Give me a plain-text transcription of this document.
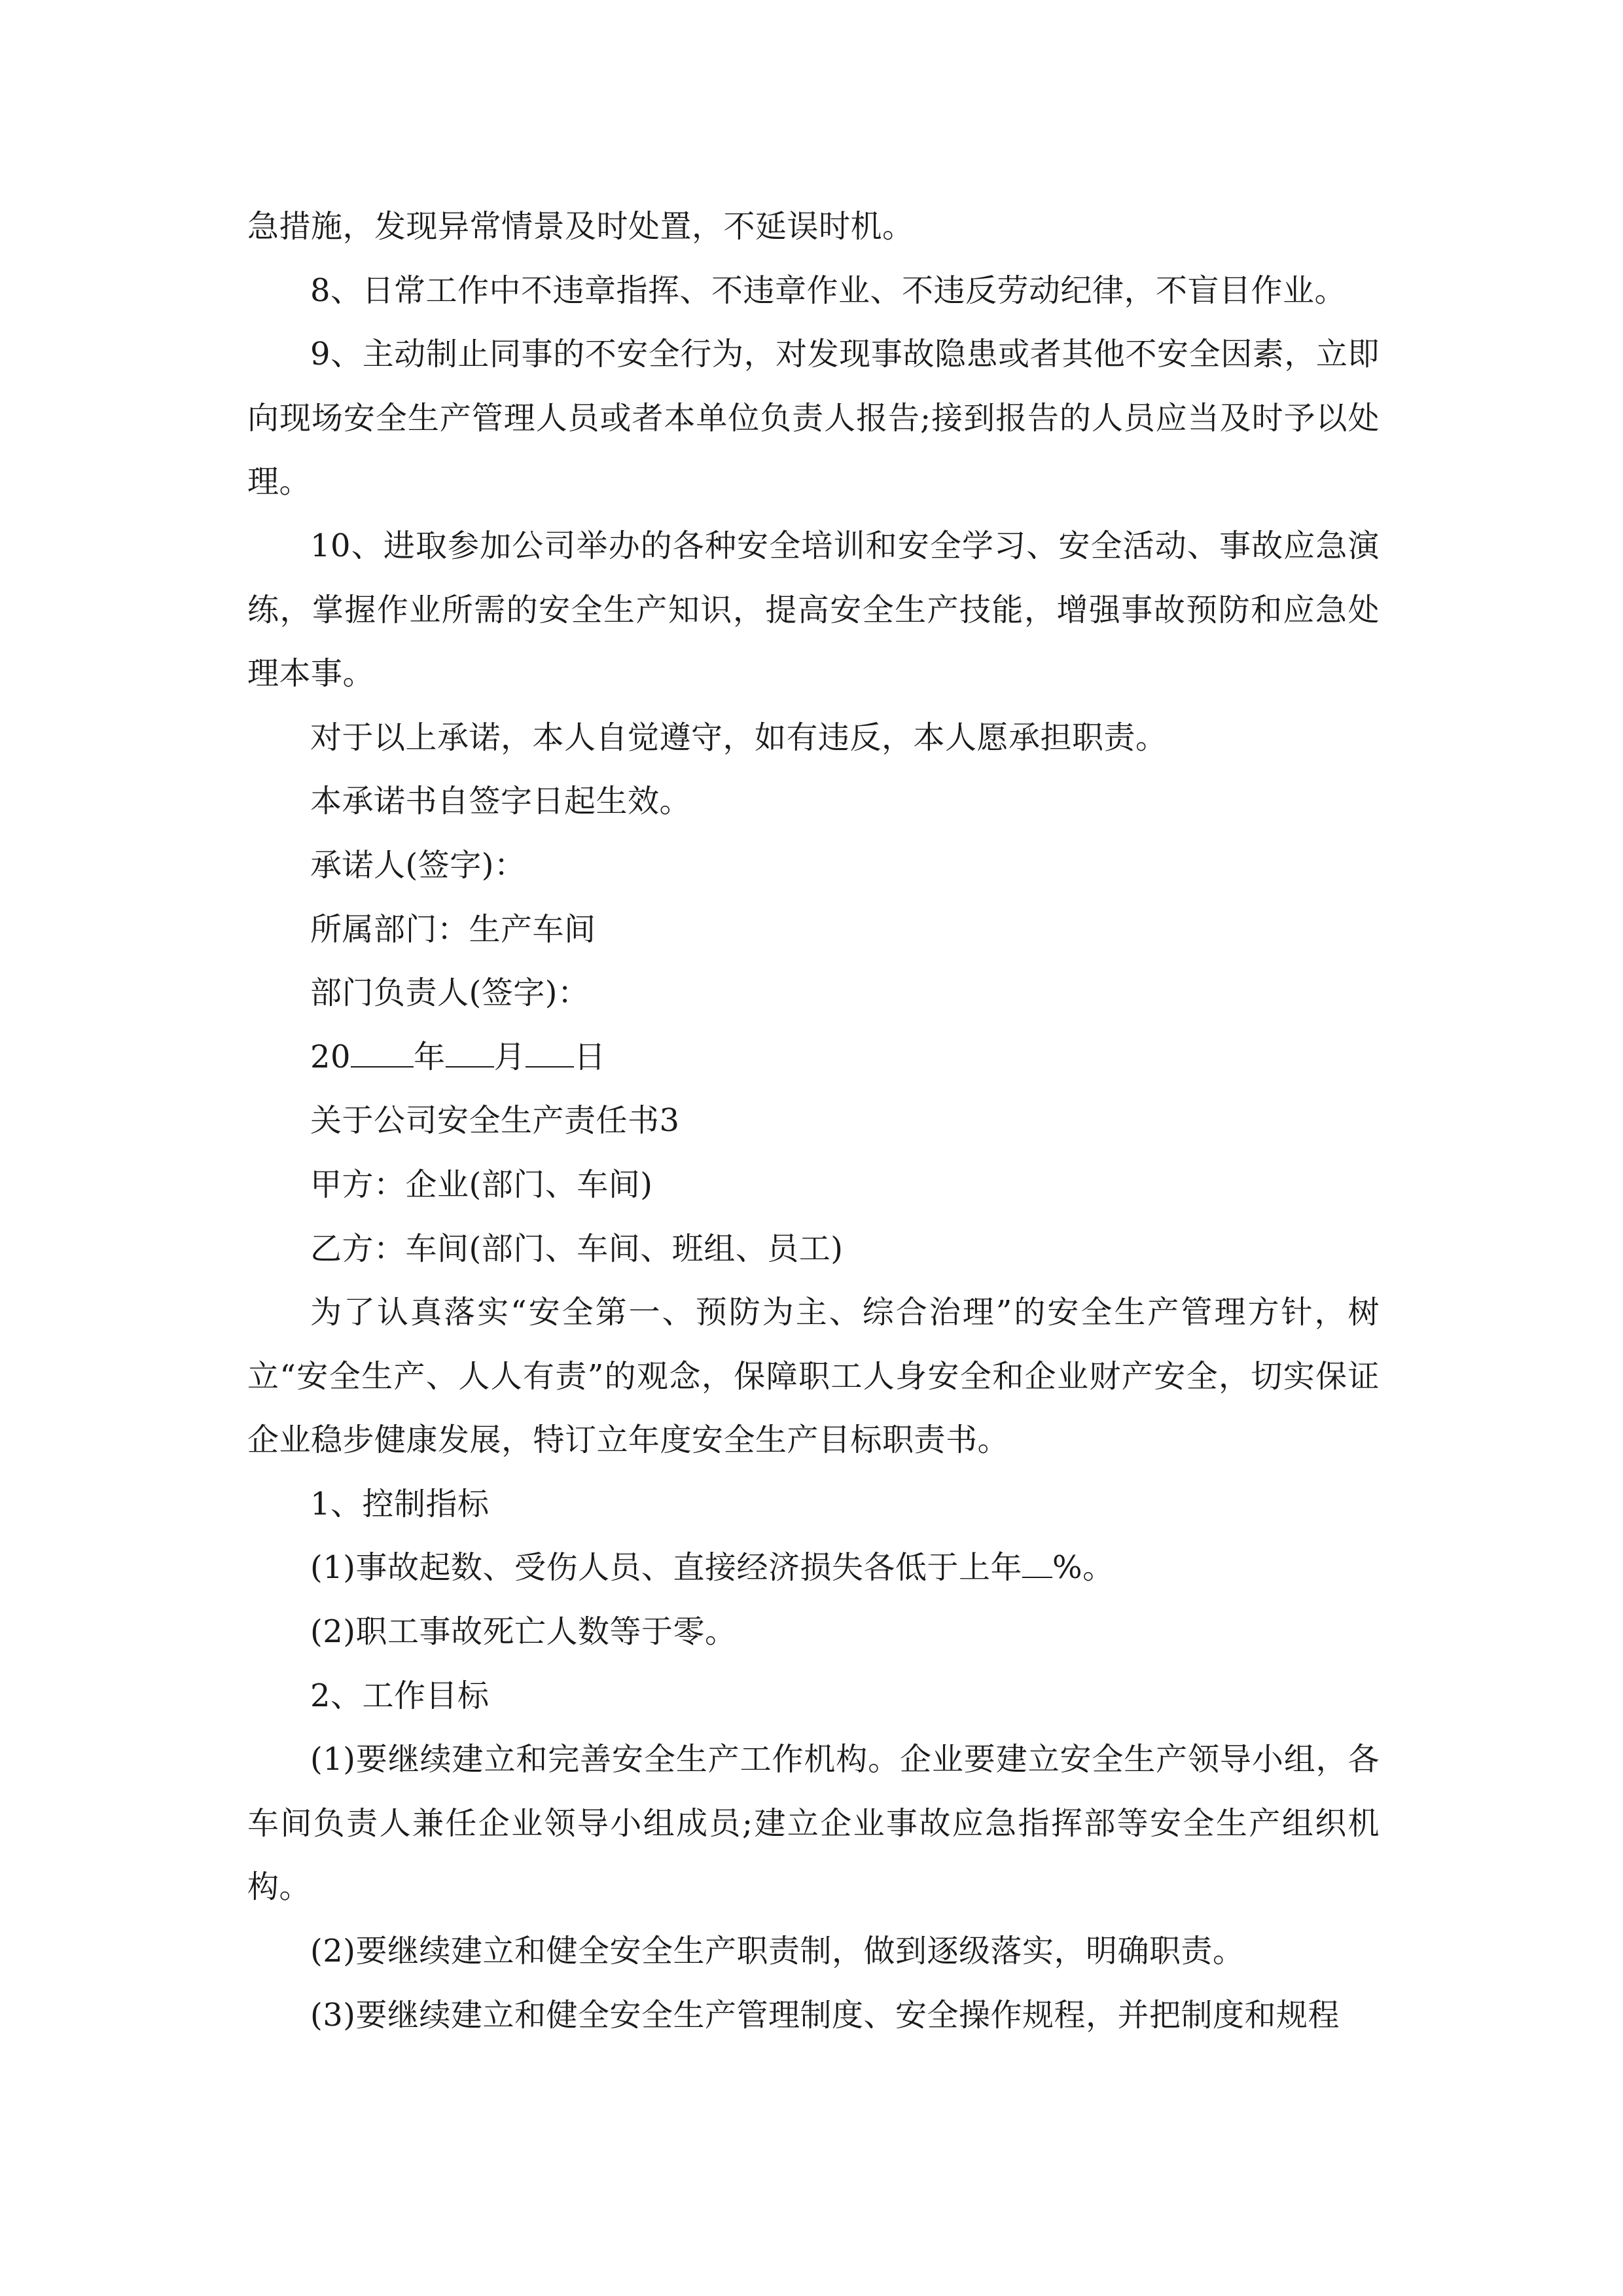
急措施，发现异常情景及时处置，不延误时机。

8、日常工作中不违章指挥、不违章作业、不违反劳动纪律，不盲目作业。

9、主动制止同事的不安全行为，对发现事故隐患或者其他不安全因素，立即向现场安全生产管理人员或者本单位负责人报告;接到报告的人员应当及时予以处理。

10、进取参加公司举办的各种安全培训和安全学习、安全活动、事故应急演练，掌握作业所需的安全生产知识，提高安全生产技能，增强事故预防和应急处理本事。

对于以上承诺，本人自觉遵守，如有违反，本人愿承担职责。

本承诺书自签字日起生效。

承诺人(签字)：

所属部门：生产车间

部门负责人(签字)：

20 年 月 日

关于公司安全生产责任书3

甲方：企业(部门、车间)

乙方：车间(部门、车间、班组、员工)

为了认真落实“安全第一、预防为主、综合治理”的安全生产管理方针，树立“安全生产、人人有责”的观念，保障职工人身安全和企业财产安全，切实保证企业稳步健康发展，特订立年度安全生产目标职责书。

1、控制指标

(1)事故起数、受伤人员、直接经济损失各低于上年 %。

(2)职工事故死亡人数等于零。

2、工作目标

(1)要继续建立和完善安全生产工作机构。企业要建立安全生产领导小组，各车间负责人兼任企业领导小组成员;建立企业事故应急指挥部等安全生产组织机构。

(2)要继续建立和健全安全生产职责制，做到逐级落实，明确职责。

(3)要继续建立和健全安全生产管理制度、安全操作规程，并把制度和规程
